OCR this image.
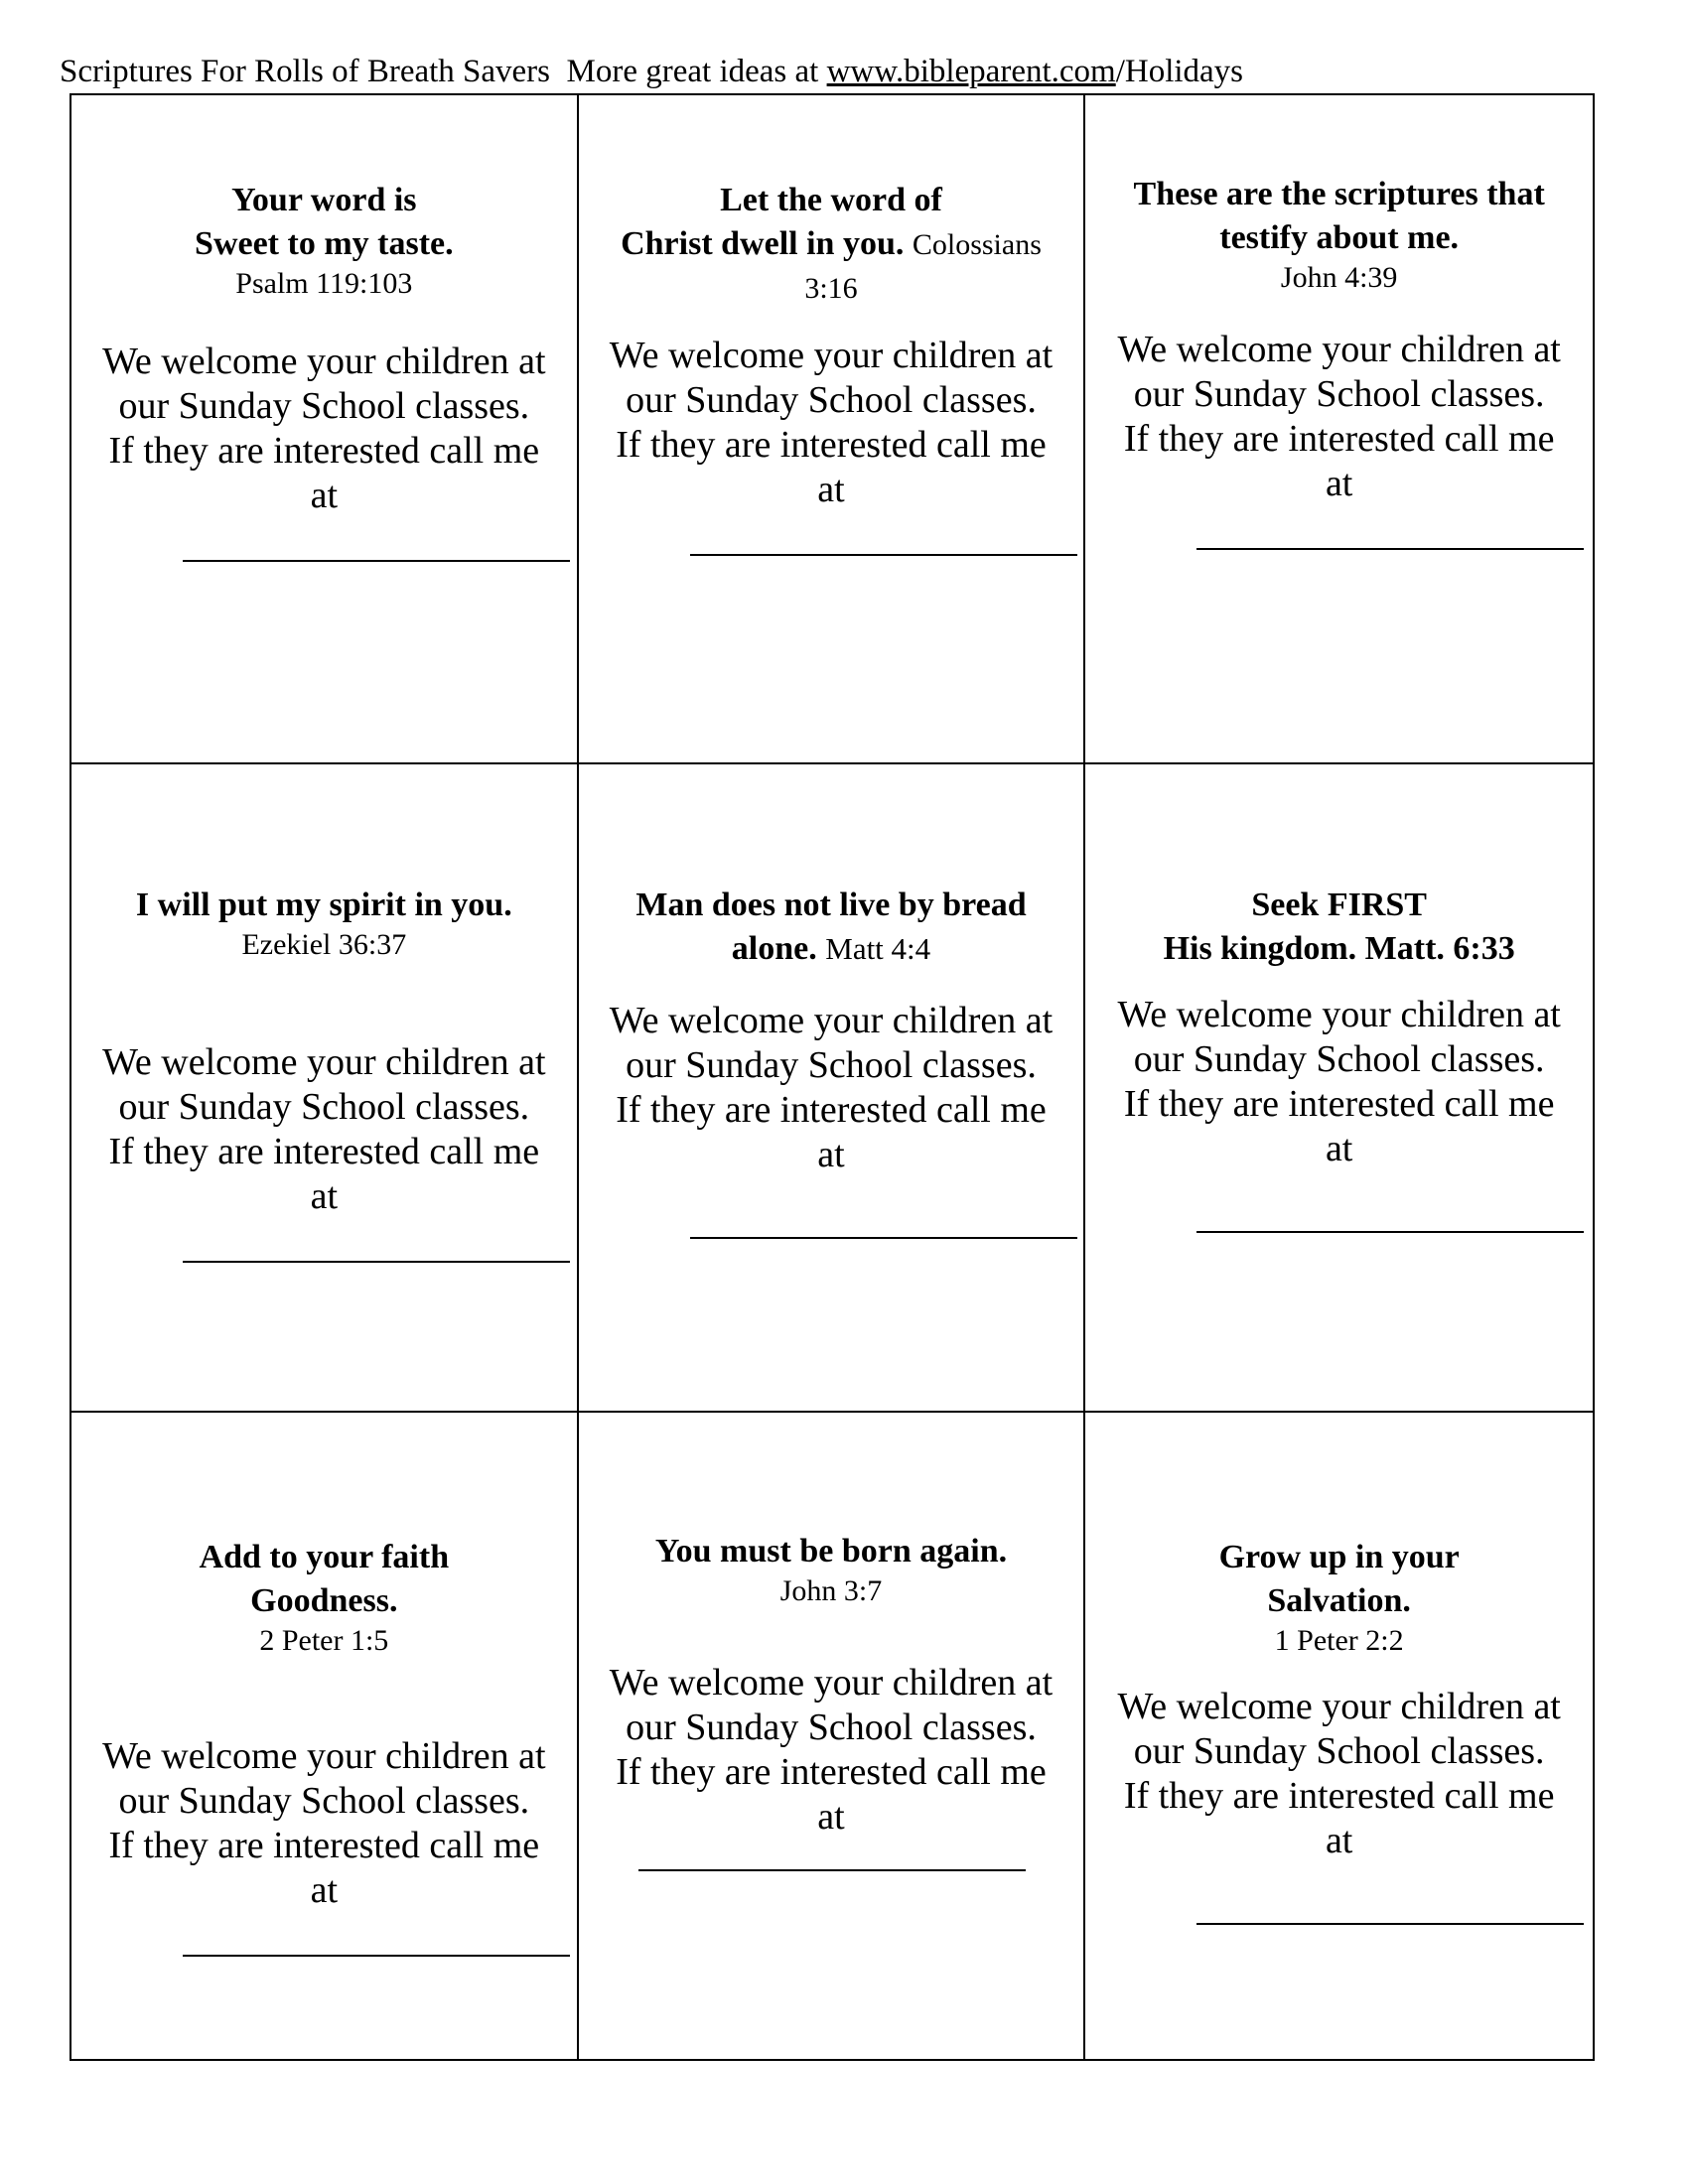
Scriptures For Rolls of Breath Savers More great ideas at www.bibleparent.com/Holidays
Your word is
Sweet to my taste.
Psalm 119:103
We welcome your children at
our Sunday School classes.
If they are interested call me
at
Let the word of
Christ dwell in you. Colossians 3:16
We welcome your children at
our Sunday School classes.
If they are interested call me
at
These are the scriptures that
testify about me.
John 4:39
We welcome your children at
our Sunday School classes.
If they are interested call me
at
I will put my spirit in you.
Ezekiel 36:37
We welcome your children at
our Sunday School classes.
If they are interested call me
at
Man does not live by bread
alone. Matt 4:4
We welcome your children at
our Sunday School classes.
If they are interested call me
at
Seek FIRST
His kingdom. Matt. 6:33
We welcome your children at
our Sunday School classes.
If they are interested call me
at
Add to your faith
Goodness.
2 Peter 1:5
We welcome your children at
our Sunday School classes.
If they are interested call me
at
You must be born again.
John 3:7
We welcome your children at
our Sunday School classes.
If they are interested call me
at
Grow up in your
Salvation.
1 Peter 2:2
We welcome your children at
our Sunday School classes.
If they are interested call me
at
